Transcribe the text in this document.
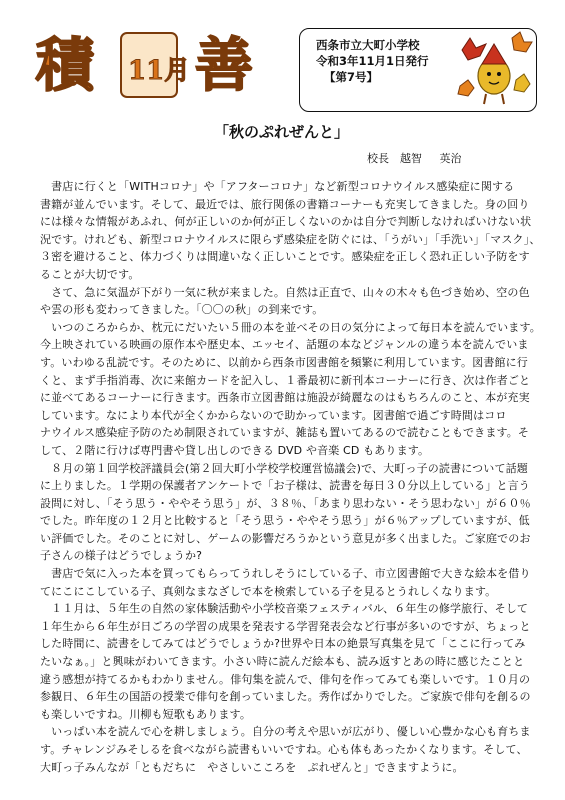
積 11月 善	西条市立大町小学校
令和3年11月1日発行
【第7号】
「秋のぷれぜんと」
校長　越智 英治
　書店に行くと「WITHコロナ」や「アフターコロナ」など新型コロナウイルス感染症に関する
書籍が並んでいます。そして、最近では、旅行関係の書籍コーナーも充実してきました。身の回り
には様々な情報があふれ、何が正しいのか何が正しくないのかは自分で判断しなければいけない状
況です。けれども、新型コロナウイルスに限らず感染症を防ぐには、「うがい」「手洗い」「マスク」、
３密を避けること、体力づくりは間違いなく正しいことです。感染症を正しく恐れ正しい予防をす
ることが大切です。
　さて、急に気温が下がり一気に秋が来ました。自然は正直で、山々の木々も色づき始め、空の色
や雲の形も変わってきました。「〇〇の秋」の到来です。
　いつのころからか、枕元にだいたい５冊の本を並べその日の気分によって毎日本を読んでいます。
今上映されている映画の原作本や歴史本、エッセイ、話題の本などジャンルの違う本を読んでいま
す。いわゆる乱読です。そのために、以前から西条市図書館を頻繁に利用しています。図書館に行
くと、まず手指消毒、次に来館カードを記入し、１番最初に新刊本コーナーに行き、次は作者ごと
に並べてあるコーナーに行きます。西条市立図書館は施設が綺麗なのはもちろんのこと、本が充実
しています。なにより本代が全くかからないので助かっています。図書館で過ごす時間はコロ
ナウイルス感染症予防のため制限されていますが、雑誌も置いてあるので読むこともできます。そ
して、２階に行けば専門書や貸し出しのできる DVD や音楽 CD もあります。
　８月の第１回学校評議員会(第２回大町小学校学校運営協議会)で、大町っ子の読書について話題
に上りました。１学期の保護者アンケートで「お子様は、読書を毎日３０分以上している」と言う
設問に対し、「そう思う・ややそう思う」が、３８％、「あまり思わない・そう思わない」が６０％
でした。昨年度の１２月と比較すると「そう思う・ややそう思う」が６％アップしていますが、低
い評価でした。そのことに対し、ゲームの影響だろうかという意見が多く出ました。ご家庭でのお
子さんの様子はどうでしょうか?
　書店で気に入った本を買ってもらってうれしそうにしている子、市立図書館で大きな絵本を借り
てにこにこしている子、真剣なまなざしで本を検索している子を見るとうれしくなります。
　１１月は、５年生の自然の家体験活動や小学校音楽フェスティバル、６年生の修学旅行、そして
１年生から６年生が日ごろの学習の成果を発表する学習発表会など行事が多いのですが、ちょっと
した時間に、読書をしてみてはどうでしょうか?世界や日本の絶景写真集を見て「ここに行ってみ
たいなぁ。」と興味がわいてきます。小さい時に読んだ絵本も、読み返すとあの時に感じたことと
違う感想が持てるかもわかりません。俳句集を読んで、俳句を作ってみても楽しいです。１０月の
参観日、６年生の国語の授業で俳句を創っていました。秀作ばかりでした。ご家族で俳句を創るの
も楽しいですね。川柳も短歌もあります。
　いっぱい本を読んで心を耕しましょう。自分の考えや思いが広がり、優しい心豊かな心も育ちま
す。チャレンジみそしるを食べながら読書もいいですね。心も体もあったかくなります。そして、
大町っ子みんなが「ともだちに　やさしいこころを　ぷれぜんと」できますように。
